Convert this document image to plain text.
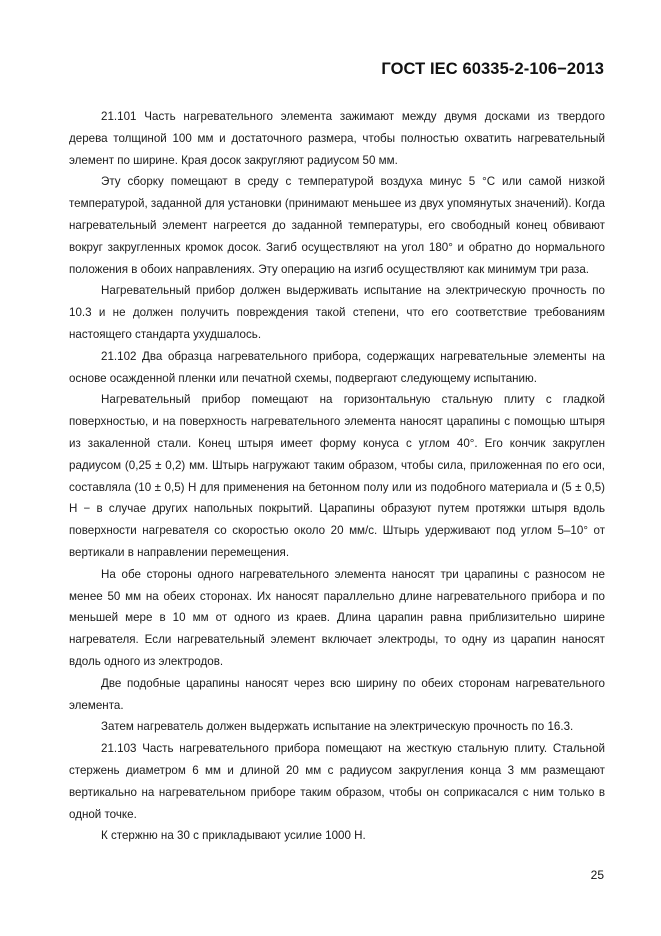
ГОСТ IEC 60335-2-106−2013

21.101 Часть нагревательного элемента зажимают между двумя досками из твердого дерева толщиной 100 мм и достаточного размера, чтобы полностью охватить нагревательный элемент по ширине. Края досок закругляют радиусом 50 мм.

Эту сборку помещают в среду с температурой воздуха минус 5 °С или самой низкой температурой, заданной для установки (принимают меньшее из двух упомянутых значений). Когда нагревательный элемент нагреется до заданной температуры, его свободный конец обвивают вокруг закругленных кромок досок. Загиб осуществляют на угол 180° и обратно до нормального положения в обоих направлениях. Эту операцию на изгиб осуществляют как минимум три раза.

Нагревательный прибор должен выдерживать испытание на электрическую прочность по 10.3 и не должен получить повреждения такой степени, что его соответствие требованиям настоящего стандарта ухудшалось.

21.102 Два образца нагревательного прибора, содержащих нагревательные элементы на основе осажденной пленки или печатной схемы, подвергают следующему испытанию.

Нагревательный прибор помещают на горизонтальную стальную плиту с гладкой поверхностью, и на поверхность нагревательного элемента наносят царапины с помощью штыря из закаленной стали. Конец штыря имеет форму конуса с углом 40°. Его кончик закруглен радиусом (0,25 ± 0,2) мм. Штырь нагружают таким образом, чтобы сила, приложенная по его оси, составляла (10 ± 0,5) Н для применения на бетонном полу или из подобного материала и (5 ± 0,5) Н − в случае других напольных покрытий. Царапины образуют путем протяжки штыря вдоль поверхности нагревателя со скоростью около 20 мм/с. Штырь удерживают под углом 5–10° от вертикали в направлении перемещения.

На обе стороны одного нагревательного элемента наносят три царапины с разносом не менее 50 мм на обеих сторонах. Их наносят параллельно длине нагревательного прибора и по меньшей мере в 10 мм от одного из краев. Длина царапин равна приблизительно ширине нагревателя. Если нагревательный элемент включает электроды, то одну из царапин наносят вдоль одного из электродов.

Две подобные царапины наносят через всю ширину по обеих сторонам нагревательного элемента.

Затем нагреватель должен выдержать испытание на электрическую прочность по 16.3.

21.103 Часть нагревательного прибора помещают на жесткую стальную плиту. Стальной стержень диаметром 6 мм и длиной 20 мм с радиусом закругления конца 3 мм размещают вертикально на нагревательном приборе таким образом, чтобы он соприкасался с ним только в одной точке.

К стержню на 30 с прикладывают усилие 1000 Н.

25
